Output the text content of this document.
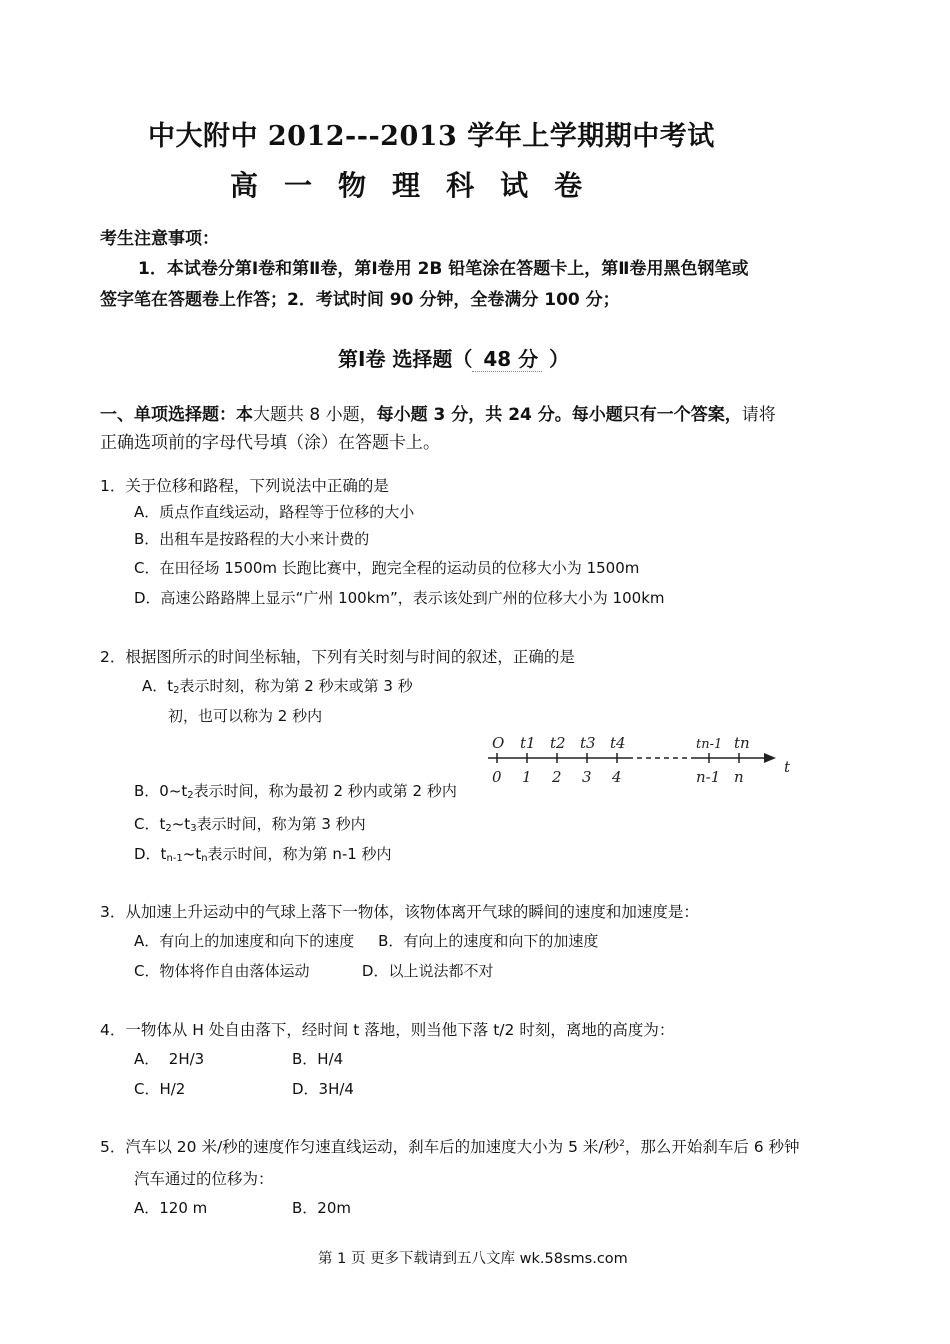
中大附中 2012---2013 学年上学期期中考试
高 一 物 理 科 试 卷
考生注意事项：
1．本试卷分第Ⅰ卷和第Ⅱ卷，第Ⅰ卷用 2B 铅笔涂在答题卡上，第Ⅱ卷用黑色钢笔或
签字笔在答题卷上作答；2．考试时间 90 分钟，全卷满分 100 分；
第Ⅰ卷 选择题（ 48 分 ）
一、单项选择题：本大题共 8 小题，每小题 3 分，共 24 分。每小题只有一个答案，请将
正确选项前的字母代号填（涂）在答题卡上。
1．关于位移和路程，下列说法中正确的是
A．质点作直线运动，路程等于位移的大小
B．出租车是按路程的大小来计费的
C．在田径场 1500m 长跑比赛中，跑完全程的运动员的位移大小为 1500m
D．高速公路路牌上显示“广州 100km”，表示该处到广州的位移大小为 100km
2．根据图所示的时间坐标轴，下列有关时刻与时间的叙述，正确的是
A．$t_2$表示时刻，称为第 2 秒末或第 3 秒
初，也可以称为 2 秒内
B．$0\sim t_2$表示时间，称为最初 2 秒内或第 2 秒内
C．$t_2\sim t_3$表示时间，称为第 3 秒内
D．$t_{n-1}\sim t_n$表示时间，称为第 n-1 秒内
O t1 t2 t3 t4	tn-1 tn
0 1 2 3 4	n-1 n
t
3．从加速上升运动中的气球上落下一物体，该物体离开气球的瞬间的速度和加速度是：
A．有向上的加速度和向下的速度     B．有向上的速度和向下的加速度
C．物体将作自由落体运动           D．以上说法都不对
4．一物体从 H 处自由落下，经时间 t 落地，则当他下落 t/2 时刻，离地的高度为：
A．  2H/3	B．H/4
C．H/2	D．3H/4
5．汽车以 20 米/秒的速度作匀速直线运动，刹车后的加速度大小为 5 米/秒$^2$，那么开始刹车后 6 秒钟
汽车通过的位移为：
A．120 m	B．20m
第 1 页 更多下载请到五八文库 wk.58sms.com
